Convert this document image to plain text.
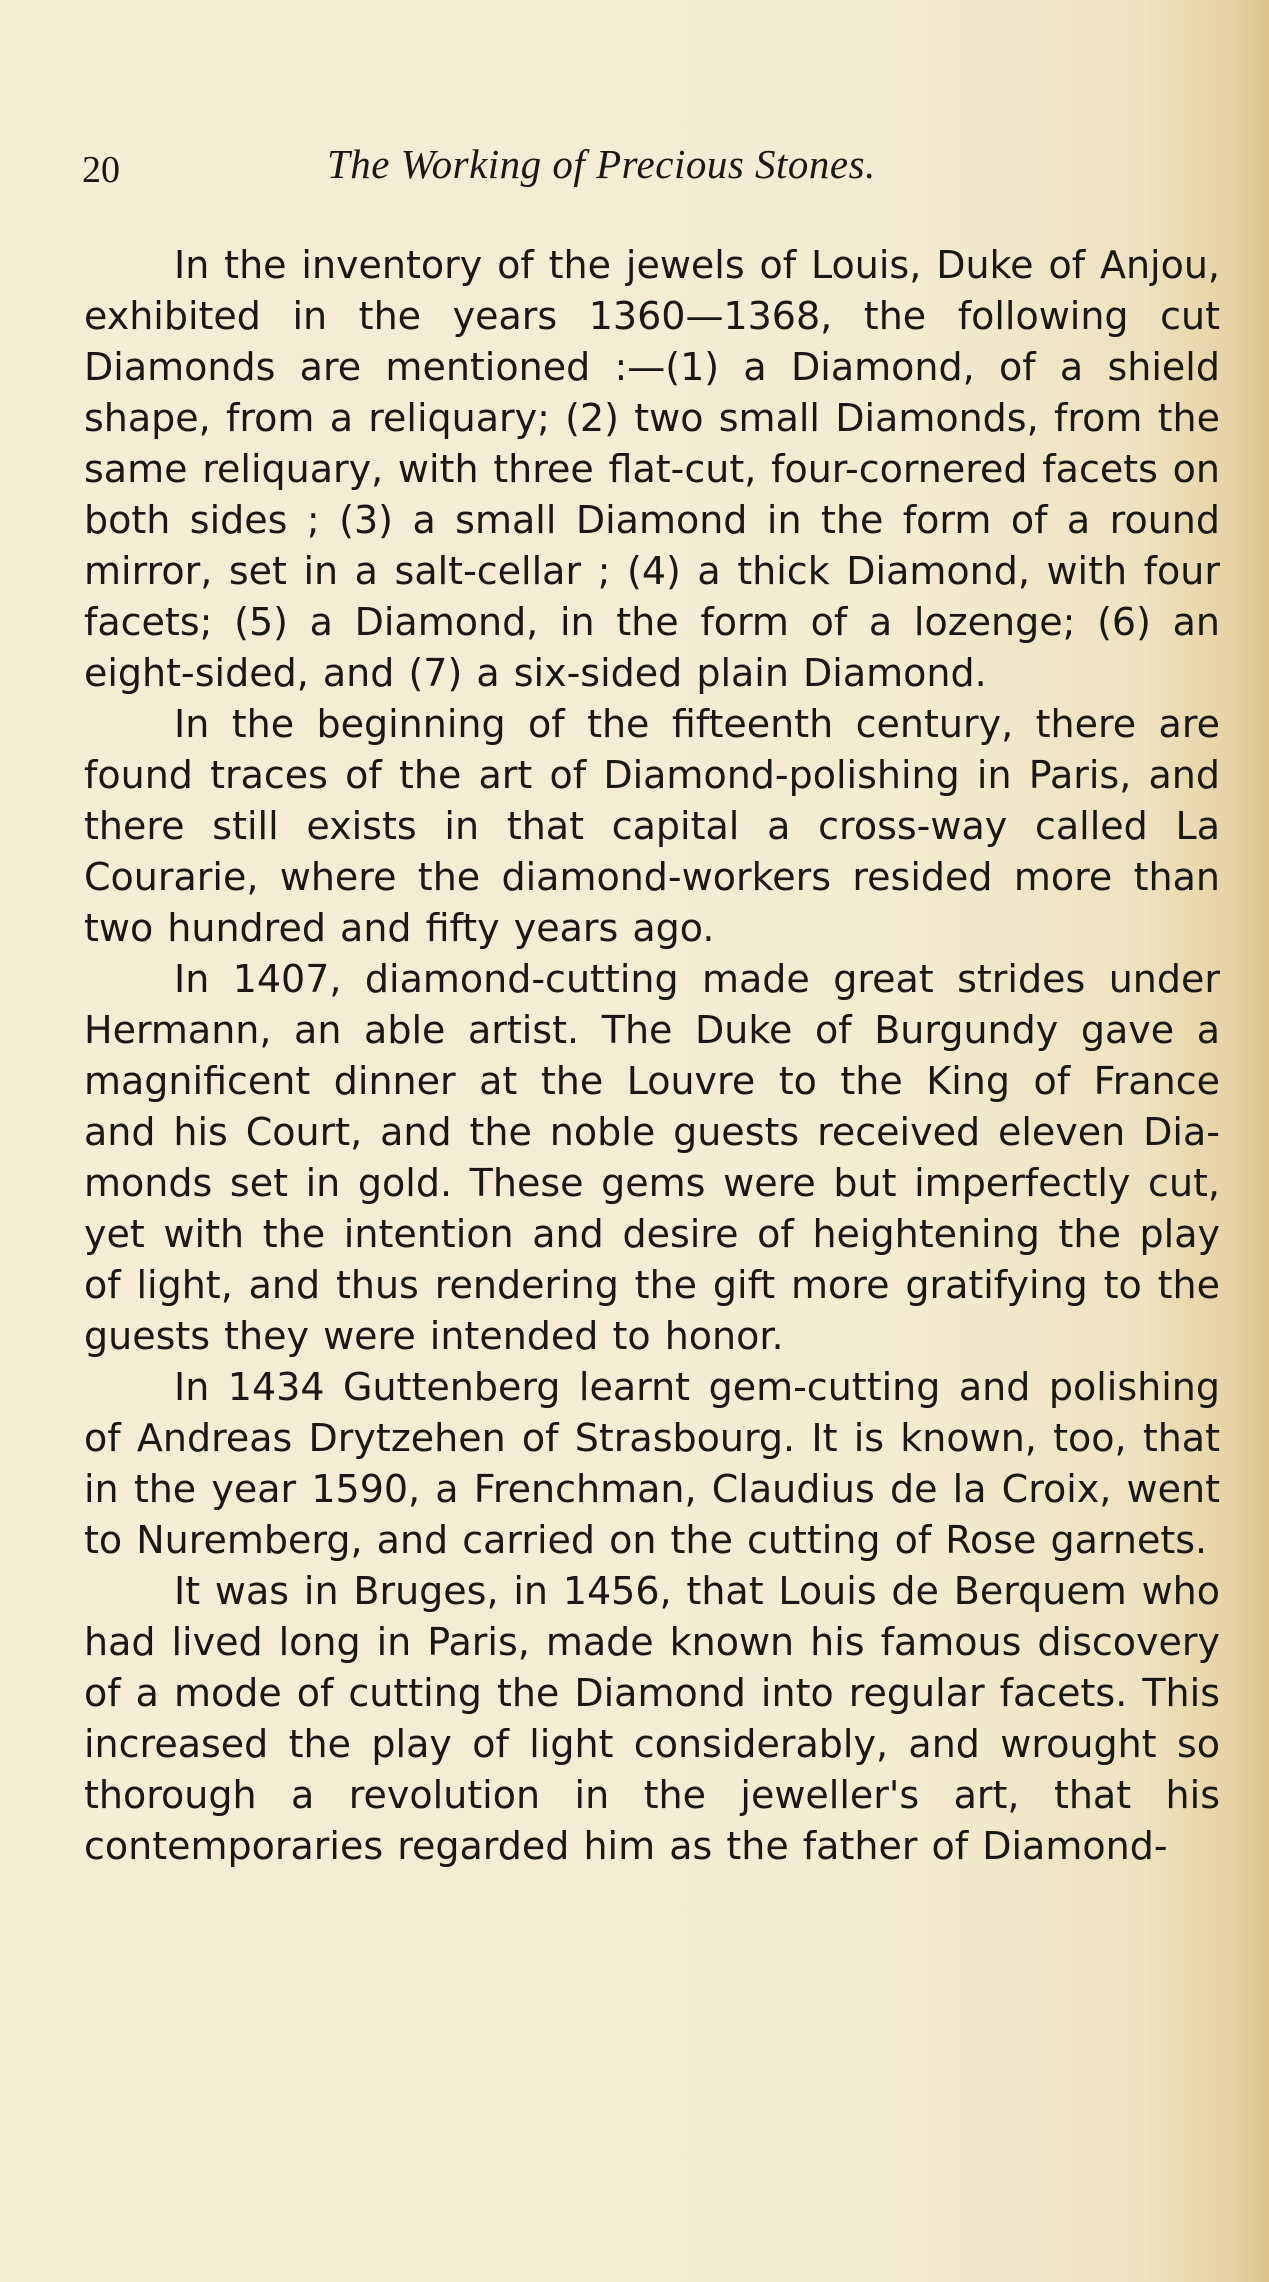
20	The Working of Precious Stones.

In the inventory of the jewels of Louis, Duke of Anjou, exhibited in the years 1360—1368, the following cut Diamonds are mentioned :—(1) a Diamond, of a shield shape, from a reliquary; (2) two small Diamonds, from the same reliquary, with three flat-cut, four-cornered facets on both sides ; (3) a small Diamond in the form of a round mirror, set in a salt-cellar ; (4) a thick Diamond, with four facets; (5) a Diamond, in the form of a lozenge; (6) an eight-sided, and (7) a six-sided plain Diamond.

In the beginning of the fifteenth century, there are found traces of the art of Diamond-polishing in Paris, and there still exists in that capital a cross-way called La Courarie, where the diamond-workers resided more than two hundred and fifty years ago.

In 1407, diamond-cutting made great strides under Hermann, an able artist. The Duke of Burgundy gave a magnificent dinner at the Louvre to the King of France and his Court, and the noble guests received eleven Dia-monds set in gold. These gems were but imperfectly cut, yet with the intention and desire of heightening the play of light, and thus rendering the gift more gratifying to the guests they were intended to honor.

In 1434 Guttenberg learnt gem-cutting and polishing of Andreas Drytzehen of Strasbourg. It is known, too, that in the year 1590, a Frenchman, Claudius de la Croix, went to Nuremberg, and carried on the cutting of Rose garnets.

It was in Bruges, in 1456, that Louis de Berquem who had lived long in Paris, made known his famous discovery of a mode of cutting the Diamond into regular facets. This increased the play of light considerably, and wrought so thorough a revolution in the jeweller's art, that his contemporaries regarded him as the father of Diamond-
